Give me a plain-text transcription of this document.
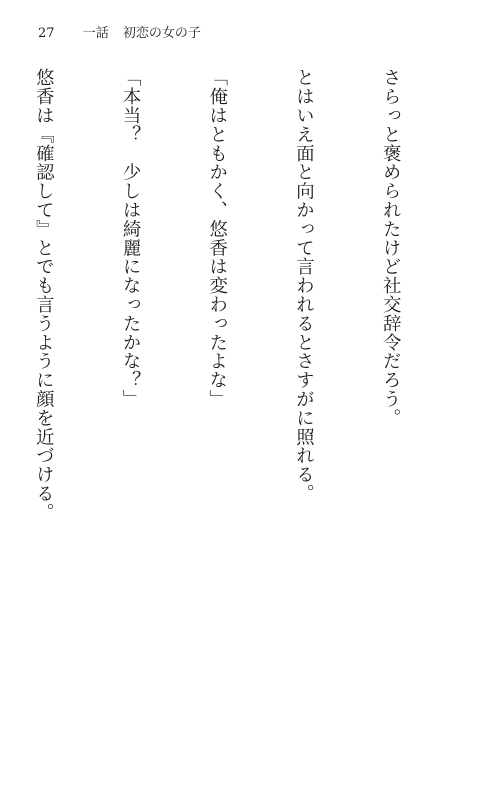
27 一話 初恋の女の子

さらっと褒められたけど社交辞令だろう。

とはいえ面と向かって言われるとさすがに照れる。

「俺はともかく、悠香は変わったよな」

「本当？　少しは綺麗になったかな？」

悠香は『確認して』とでも言うように顔を近づける。
